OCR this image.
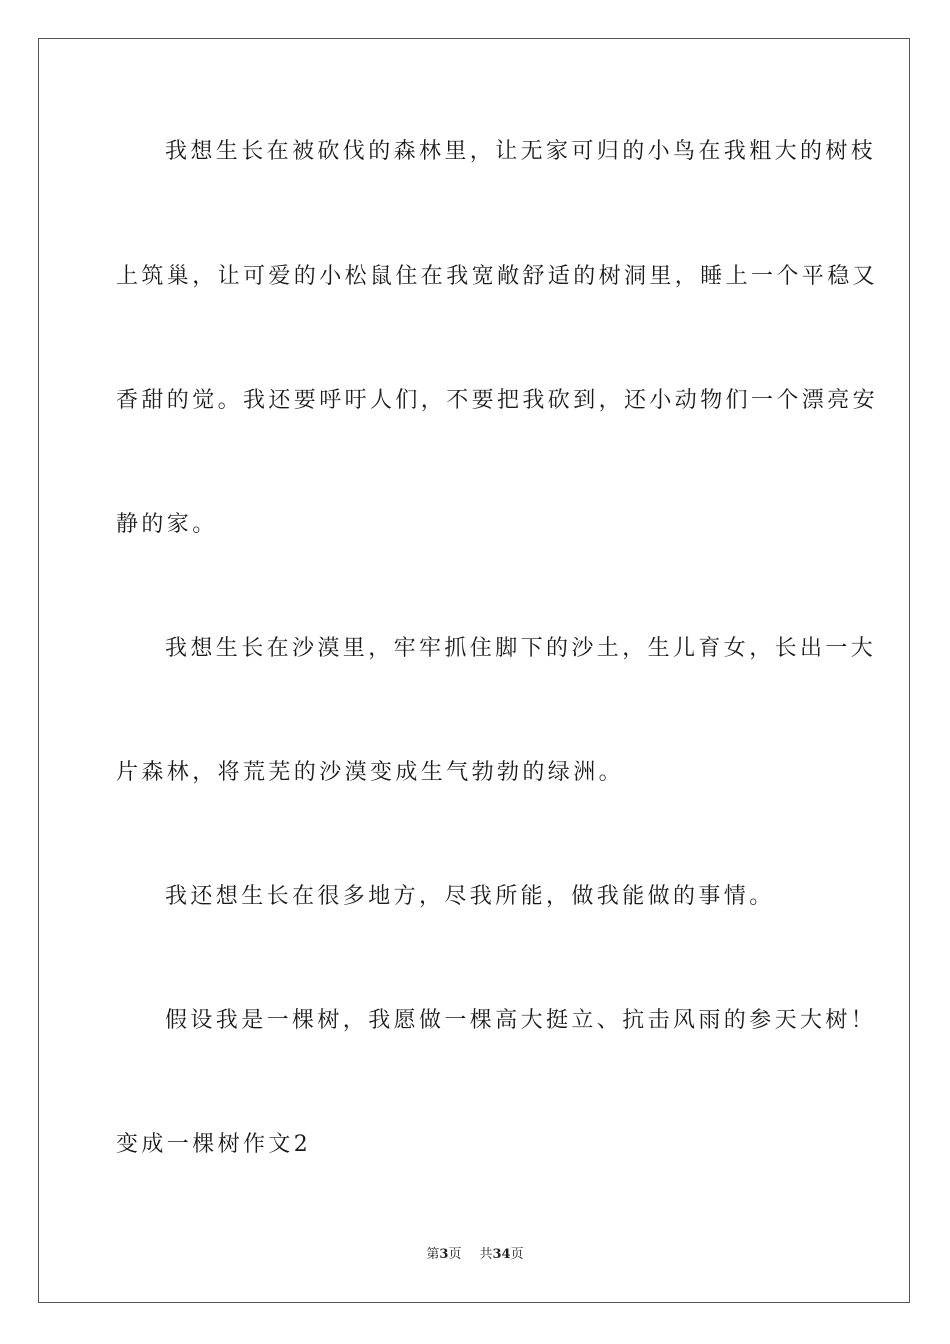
我想生长在被砍伐的森林里，让无家可归的小鸟在我粗大的树枝
上筑巢，让可爱的小松鼠住在我宽敞舒适的树洞里，睡上一个平稳又
香甜的觉。我还要呼吁人们，不要把我砍到，还小动物们一个漂亮安
静的家。
我想生长在沙漠里，牢牢抓住脚下的沙土，生儿育女，长出一大
片森林，将荒芜的沙漠变成生气勃勃的绿洲。
我还想生长在很多地方，尽我所能，做我能做的事情。
假设我是一棵树，我愿做一棵高大挺立、抗击风雨的参天大树！
变成一棵树作文2
第3页 共34页
